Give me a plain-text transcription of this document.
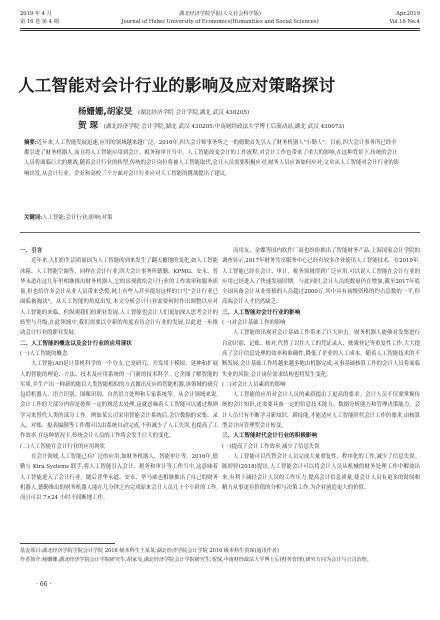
2019 年 4 月	湖北经济学院学报(人文社会科学版)	Apr.2019
第 16 卷 第 4 期	Journal of Hubei University of Economics(Humanities and Social Sciences)	Vol.16 No.4
人工智能对会计行业的影响及应对策略探讨
杨姗姗,胡家旻 (湖北经济学院 会计学院,湖北 武汉 430205)
贺 琛 (湖北经济学院 会计学院,湖北 武汉 430205;中南财经政法大学博士后流动站,湖北 武汉 430073)
摘要:近年来,人工智能发展迅速,应用的领域越来越广泛。2016年,四大会计师事务所之一的德勤首先引入了财务机器人"小勤人"。目前,四大会计事务所已经全都引进了财务机器人,而且将人工智能应用到会计、税务和审计当中。人工智能改变会计的工作流程,对会计工作也带来了重大的影响,在这种背景下,传统的会计人员将面临巨大的挑战,随着会计行业的转型,传统的会计岗位将被人工智能取代,会计人员需要积极应对,财务人员应该如何应对,文章从人工智能对会计行业的影响出发,从会计行业、企业和高校三个方面对会计行业应对人工智能的挑战提出了建议。
关键词:人工智能;会计行业;影响;对策
一、引言

近年来,人们的生活质量因为人工智能的到来发生了翻天覆地的变化,如人工智能冰箱、人工智能空调等。同样在会计行业,四大会计事务所德勤、KPMG、安永、普华永道在这几年里相继推出财务机器人,它的出现就给会计行业的工作效率和服务质量,但也给许多会计从业人员带来恐慌,网上有些人甚至提出这样的口号"会计行业已面临被淘汰"。从人工智能的角度出发,本文分析会计行业需要何时作出调整以应对人工智能的来临。但纵观我们的职业发展,人工智能也会让人们更加深入思考会计的转型与升级,在此领域中,我们需要以全新的角度看待会计行业的发展,以此进一步推动会计行业的职业发展。

二、人工智能的概念以及会计行业的应用现状
(一)人工智能的概念

人工智能(AI)是计算机科学的一个分支,它是研究、开发用于模拟、延伸和扩展人的智能的理论、方法、技术及应用系统的一门新的技术科学。它企图了解智能的实质,并生产出一种新的能以人类智能相似的方式做出反应的智能机器,该领域的研究包括机器人、语言识别、图像识别、自然语言处理和专家系统等。从会计领域来说,会计工作的大部分内容是按照一定的规范去处理,这就意味着人工智能可以通过规则学习来替代人类的部分工作。例如某公司采用智能会计系统后,会计数据的采集、录入、对账、报表编制等工作都可以由系统自动完成,不但减少了人工失误,也提高了工作效率,在这种情况下,传统会计人员的工作将会发生巨大的变化。

(二)人工智能在会计行业的应用现状

在会计领域,人工智能已有广泛的应用,如财务机器人、智能审计等。2016年,德勤与 Kira Systems 联手,将人工智能引入会计、税务和审计等工作当中,这意味着人工智能进入了会计行业。随后普华永道、安永、毕马威也相继推出了自己的财务机器人,德勤推出的财务机器人能在几分钟之内完成原来会计人员几十个小时的工作,而且可以 7×24 小时不间断地工作。

而用友、金蝶等国内软件厂商也纷纷推出了智能财务产品,上海国家会计学院的调查显示,2017年财务共享服务中心已经有较多企业使用人工智能技术。在2019年,人工智能已经在会计、审计、税务领域得到广泛应用,可以说人工智能在会计行业的应用已经进入了快速发展时期。与此同时,会计人员的数量仍在增加,截至2017年底全国具备会计从业资格的人员超过2000万,其中具有初级资格的约占总数的一半,但高端会计人才仍然缺乏。

三、人工智能对会计行业的影响
(一)对会计基础工作的影响

人工智能的出现对会计基础工作带来了巨大冲击。财务机器人能够对发票进行自动识别、记账、核对,代替了以往人工的凭证录入、账簿登记等重复性工作,大大提高了会计信息处理的效率和准确性,降低了企业的人工成本。随着人工智能技术的不断发展,会计基础工作将越来越多地由机器完成,从事基础核算工作的会计人员将面临失业的风险,会计岗位需求结构也将发生变化。

(二)对会计人员素质的影响

人工智能的应用对会计人员的素质提出了更高的要求。会计人员不仅要掌握传统的会计知识,还需要具备一定的信息技术能力、数据分析能力和管理决策能力。会计人员只有不断学习新知识、新技能,才能适应人工智能时代会计工作的要求,由核算型会计向管理型会计转变。

三、人工智能时代会计行业的积极影响
(一)提高了会计工作效率,减少了信息失误

人工智能可以代替会计人员完成大量重复性、程序化的工作,减少了信息失误。陈婷婷(2018)提出,人工智能会计可以将会计人员从机械的财务处理工作中解放出来,有利于减轻会计人员的工作压力,提高会计信息质量,使会计人员有更多的时间和精力从事更有价值的分析与决策工作,为企业创造更大的价值。

基金项目:湖北经济学院学院会计学院 2016 级本科生王某某;湖北经济学院会计学院 2016 级本科生贺琛(通讯作者)
作者简介:杨姗姗,湖北经济学院会计学院研究生;胡家旻,湖北经济学院会计学院研究生;贺琛,中南财经政法大学博士后(财务管理),研究方向为会计与公司治理。
· 66 ·
